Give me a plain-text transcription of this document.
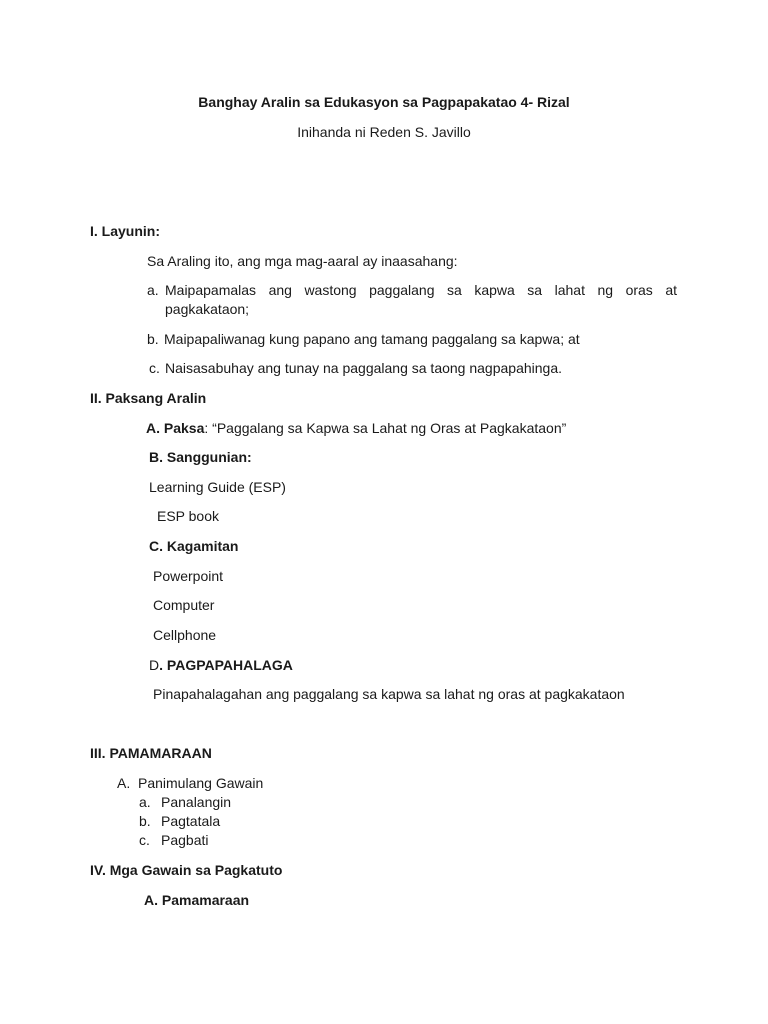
Banghay Aralin sa Edukasyon sa Pagpapakatao 4- Rizal
Inihanda ni Reden S. Javillo
I. Layunin:
Sa Araling ito, ang mga mag-aaral ay inaasahang:
a. Maipapamalas ang wastong paggalang sa kapwa sa lahat ng oras at
pagkakataon;
b. Maipapaliwanag kung papano ang tamang paggalang sa kapwa; at
c. Naisasabuhay ang tunay na paggalang sa taong nagpapahinga.
II. Paksang Aralin
A. Paksa: “Paggalang sa Kapwa sa Lahat ng Oras at Pagkakataon”
B. Sanggunian:
Learning Guide (ESP)
ESP book
C. Kagamitan
Powerpoint
Computer
Cellphone
D. PAGPAPAHALAGA
Pinapahalagahan ang paggalang sa kapwa sa lahat ng oras at pagkakataon
III. PAMAMARAAN
A. Panimulang Gawain
a. Panalangin
b. Pagtatala
c. Pagbati
IV. Mga Gawain sa Pagkatuto
A. Pamamaraan
